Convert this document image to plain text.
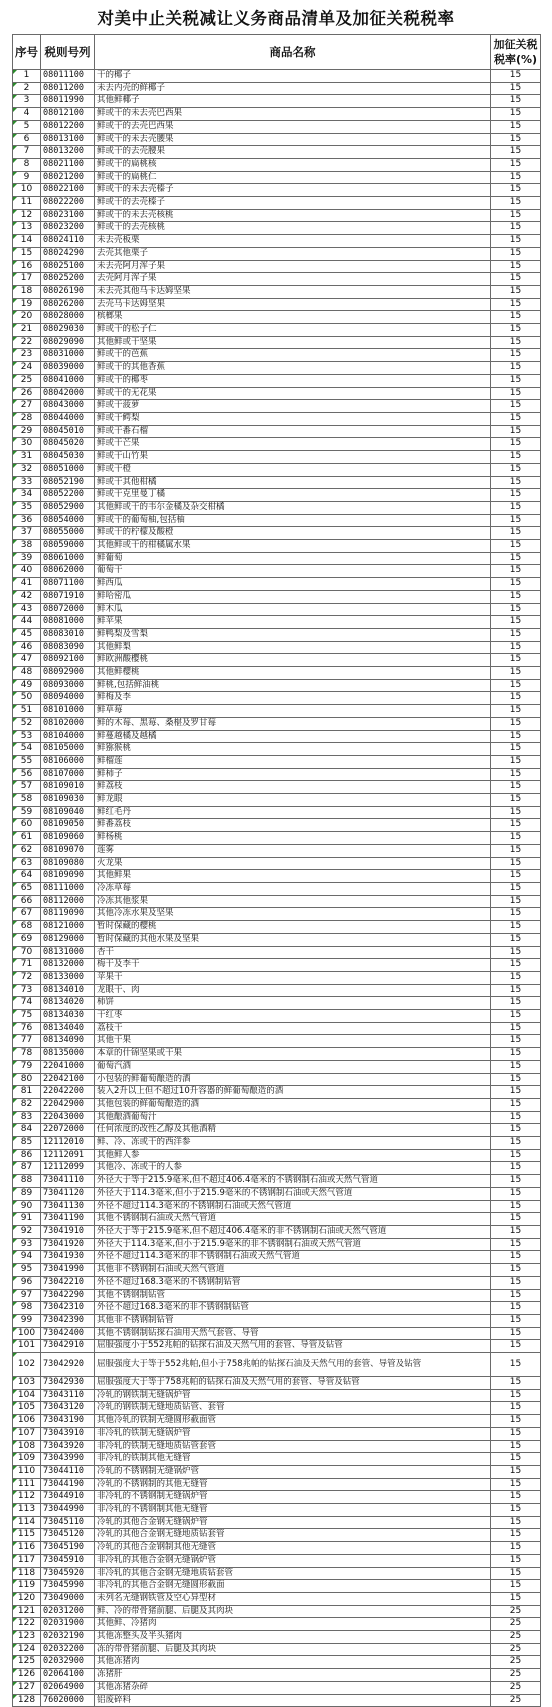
对美中止关税减让义务商品清单及加征关税税率
序号	税则号列	商品名称	加征关税税率(%)
1	08011100	干的椰子	15
2	08011200	未去内壳的鲜椰子	15
3	08011990	其他鲜椰子	15
4	08012100	鲜或干的未去壳巴西果	15
5	08012200	鲜或干的去壳巴西果	15
6	08013100	鲜或干的未去壳腰果	15
7	08013200	鲜或干的去壳腰果	15
8	08021100	鲜或干的扁桃核	15
9	08021200	鲜或干的扁桃仁	15
10	08022100	鲜或干的未去壳榛子	15
11	08022200	鲜或干的去壳榛子	15
12	08023100	鲜或干的未去壳核桃	15
13	08023200	鲜或干的去壳核桃	15
14	08024110	未去壳板栗	15
15	08024290	去壳其他栗子	15
16	08025100	未去壳阿月浑子果	15
17	08025200	去壳阿月浑子果	15
18	08026190	未去壳其他马卡达姆坚果	15
19	08026200	去壳马卡达姆坚果	15
20	08028000	槟榔果	15
21	08029030	鲜或干的松子仁	15
22	08029090	其他鲜或干坚果	15
23	08031000	鲜或干的芭蕉	15
24	08039000	鲜或干的其他香蕉	15
25	08041000	鲜或干的椰枣	15
26	08042000	鲜或干的无花果	15
27	08043000	鲜或干菠萝	15
28	08044000	鲜或干鳄梨	15
29	08045010	鲜或干番石榴	15
30	08045020	鲜或干芒果	15
31	08045030	鲜或干山竹果	15
32	08051000	鲜或干橙	15
33	08052190	鲜或干其他柑橘	15
34	08052200	鲜或干克里曼丁橘	15
35	08052900	其他鲜或干的韦尔金橘及杂交柑橘	15
36	08054000	鲜或干的葡萄柚,包括柚	15
37	08055000	鲜或干的柠檬及酸橙	15
38	08059000	其他鲜或干的柑橘属水果	15
39	08061000	鲜葡萄	15
40	08062000	葡萄干	15
41	08071100	鲜西瓜	15
42	08071910	鲜哈密瓜	15
43	08072000	鲜木瓜	15
44	08081000	鲜苹果	15
45	08083010	鲜鸭梨及雪梨	15
46	08083090	其他鲜梨	15
47	08092100	鲜欧洲酸樱桃	15
48	08092900	其他鲜樱桃	15
49	08093000	鲜桃,包括鲜油桃	15
50	08094000	鲜梅及李	15
51	08101000	鲜草莓	15
52	08102000	鲜的木莓、黑莓、桑椹及罗甘莓	15
53	08104000	鲜蔓越橘及越橘	15
54	08105000	鲜猕猴桃	15
55	08106000	鲜榴莲	15
56	08107000	鲜柿子	15
57	08109010	鲜荔枝	15
58	08109030	鲜龙眼	15
59	08109040	鲜红毛丹	15
60	08109050	鲜番荔枝	15
61	08109060	鲜杨桃	15
62	08109070	莲雾	15
63	08109080	火龙果	15
64	08109090	其他鲜果	15
65	08111000	冷冻草莓	15
66	08112000	冷冻其他浆果	15
67	08119090	其他冷冻水果及坚果	15
68	08121000	暂时保藏的樱桃	15
69	08129000	暂时保藏的其他水果及坚果	15
70	08131000	杏干	15
71	08132000	梅干及李干	15
72	08133000	苹果干	15
73	08134010	龙眼干、肉	15
74	08134020	柿饼	15
75	08134030	干红枣	15
76	08134040	荔枝干	15
77	08134090	其他干果	15
78	08135000	本章的什锦坚果或干果	15
79	22041000	葡萄汽酒	15
80	22042100	小包装的鲜葡萄酿造的酒	15
81	22042200	装入2升以上但不超过10升容器的鲜葡萄酿造的酒	15
82	22042900	其他包装的鲜葡萄酿造的酒	15
83	22043000	其他酿酒葡萄汁	15
84	22072000	任何浓度的改性乙醇及其他酒精	15
85	12112010	鲜、冷、冻或干的西洋参	15
86	12112091	其他鲜人参	15
87	12112099	其他冷、冻或干的人参	15
88	73041110	外径大于等于215.9毫米,但不超过406.4毫米的不锈钢制石油或天然气管道	15
89	73041120	外径大于114.3毫米,但小于215.9毫米的不锈钢制石油或天然气管道	15
90	73041130	外径不超过114.3毫米的不锈钢制石油或天然气管道	15
91	73041190	其他不锈钢制石油或天然气管道	15
92	73041910	外径大于等于215.9毫米,但不超过406.4毫米的非不锈钢制石油或天然气管道	15
93	73041920	外径大于114.3毫米,但小于215.9毫米的非不锈钢制石油或天然气管道	15
94	73041930	外径不超过114.3毫米的非不锈钢制石油或天然气管道	15
95	73041990	其他非不锈钢制石油或天然气管道	15
96	73042210	外径不超过168.3毫米的不锈钢制钻管	15
97	73042290	其他不锈钢制钻管	15
98	73042310	外径不超过168.3毫米的非不锈钢制钻管	15
99	73042390	其他非不锈钢制钻管	15
100	73042400	其他不锈钢制钻探石油用天然气套管、导管	15
101	73042910	屈服强度小于552兆帕的钻探石油及天然气用的套管、导管及钻管	15
102	73042920	屈服强度大于等于552兆帕,但小于758兆帕的钻探石油及天然气用的套管、导管及钻管	15
103	73042930	屈服强度大于等于758兆帕的钻探石油及天然气用的套管、导管及钻管	15
104	73043110	冷轧的钢铁制无缝锅炉管	15
105	73043120	冷轧的钢铁制无缝地质钻管、套管	15
106	73043190	其他冷轧的铁制无缝圆形截面管	15
107	73043910	非冷轧的铁制无缝锅炉管	15
108	73043920	非冷轧的铁制无缝地质钻管套管	15
109	73043990	非冷轧的铁制其他无缝管	15
110	73044110	冷轧的不锈钢制无缝锅炉管	15
111	73044190	冷轧的不锈钢制的其他无缝管	15
112	73044910	非冷轧的不锈钢制无缝锅炉管	15
113	73044990	非冷轧的不锈钢制其他无缝管	15
114	73045110	冷轧的其他合金钢无缝锅炉管	15
115	73045120	冷轧的其他合金钢无缝地质钻套管	15
116	73045190	冷轧的其他合金钢制其他无缝管	15
117	73045910	非冷轧的其他合金钢无缝锅炉管	15
118	73045920	非冷轧的其他合金钢无缝地质钻套管	15
119	73045990	非冷轧的其他合金钢无缝圆形截面	15
120	73049000	未列名无缝钢铁管及空心异型材	15
121	02031200	鲜、冷的带骨猪前腿、后腿及其肉块	25
122	02031900	其他鲜、冷猪肉	25
123	02032190	其他冻整头及半头猪肉	25
124	02032200	冻的带骨猪前腿、后腿及其肉块	25
125	02032900	其他冻猪肉	25
126	02064100	冻猪肝	25
127	02064900	其他冻猪杂碎	25
128	76020000	铝废碎料	25
